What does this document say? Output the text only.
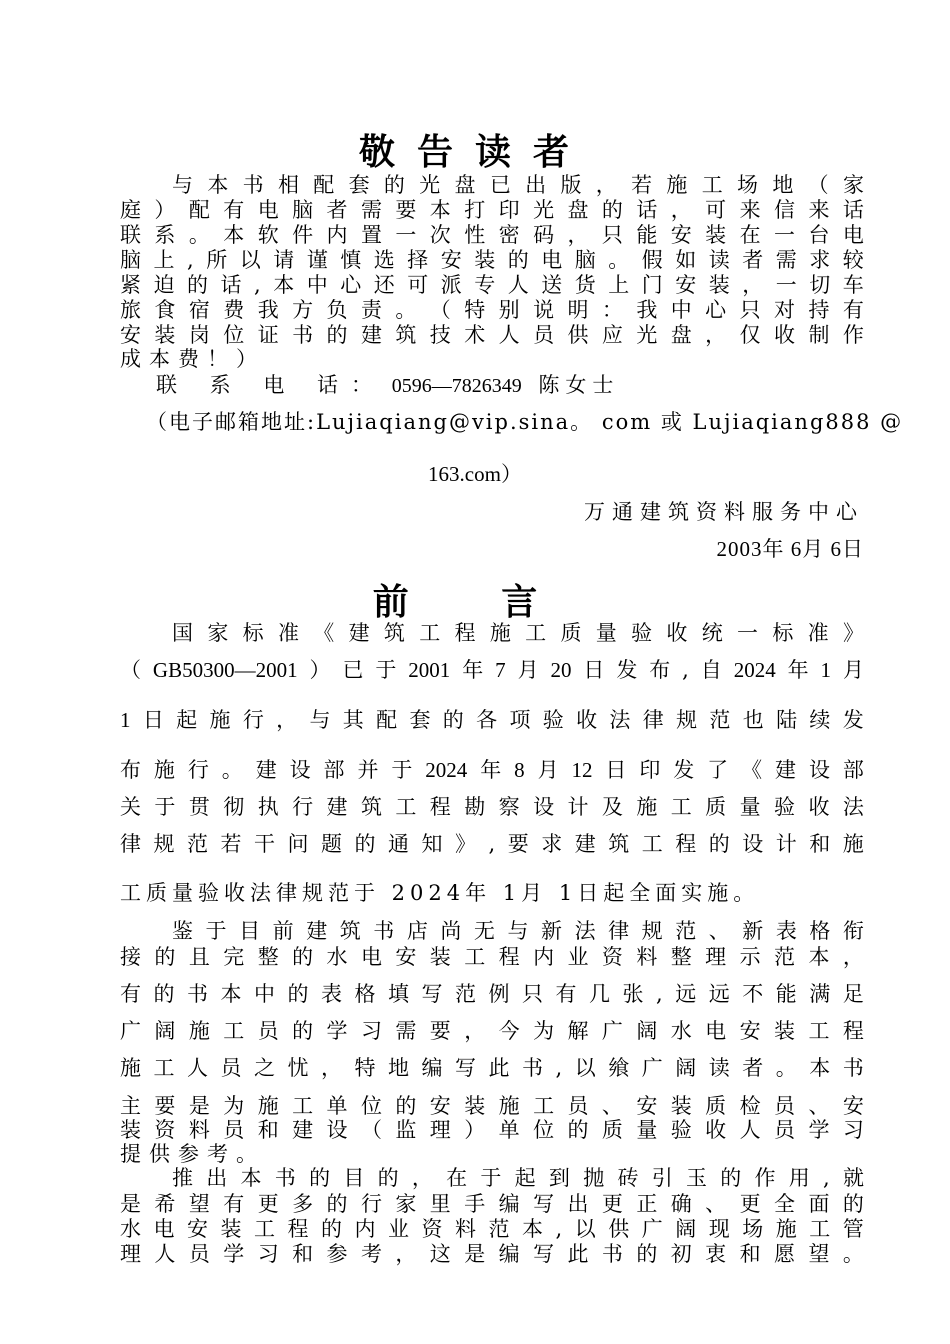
敬告读者
与 本 书 相 配 套 的 光 盘 已 出 版 ， 若 施 工 场 地 （ 家
庭 ） 配 有 电 脑 者 需 要 本 打 印 光 盘 的 话 ， 可 来 信 来 话
联 系 。 本 软 件 内 置 一 次 性 密 码 ， 只 能 安 装 在 一 台 电
脑 上 , 所 以 请 谨 慎 选 择 安 装 的 电 脑 。 假 如 读 者 需 求 较
紧 迫 的 话 , 本 中 心 还 可 派 专 人 送 货 上 门 安 装 ， 一 切 车
旅 食 宿 费 我 方 负 责 。 （ 特 别 说 明 ： 我 中 心 只 对 持 有
安 装 岗 位 证 书 的 建 筑 技 术 人 员 供 应 光 盘 ， 仅 收 制 作
成本费！）
联 系 电 话： 0596—7826349 陈女士
（电子邮箱地址:Lujiaqiang@vip.sina。 com 或 Lujiaqiang888 @
163.com）
万通建筑资料服务中心
2003年 6月 6日
前 言
国 家 标 准 《 建 筑 工 程 施 工 质 量 验 收 统 一 标 准 》
（ GB50300—2001 ） 已 于 2001 年 7 月 20 日 发 布 , 自 2024 年 1 月
1 日 起 施 行 ， 与 其 配 套 的 各 项 验 收 法 律 规 范 也 陆 续 发
布 施 行 。 建 设 部 并 于 2024 年 8 月 12 日 印 发 了 《 建 设 部
关 于 贯 彻 执 行 建 筑 工 程 勘 察 设 计 及 施 工 质 量 验 收 法
律 规 范 若 干 问 题 的 通 知 》 , 要 求 建 筑 工 程 的 设 计 和 施
工质量验收法律规范于 2024年 1月 1日起全面实施。
鉴 于 目 前 建 筑 书 店 尚 无 与 新 法 律 规 范 、 新 表 格 衔
接 的 且 完 整 的 水 电 安 装 工 程 内 业 资 料 整 理 示 范 本 ，
有 的 书 本 中 的 表 格 填 写 范 例 只 有 几 张 , 远 远 不 能 满 足
广 阔 施 工 员 的 学 习 需 要 ， 今 为 解 广 阔 水 电 安 装 工 程
施 工 人 员 之 忧 ， 特 地 编 写 此 书 , 以 飨 广 阔 读 者 。 本 书
主 要 是 为 施 工 单 位 的 安 装 施 工 员 、 安 装 质 检 员 、 安
装 资 料 员 和 建 设 （ 监 理 ） 单 位 的 质 量 验 收 人 员 学 习
提供参考。
推 出 本 书 的 目 的 ， 在 于 起 到 抛 砖 引 玉 的 作 用 , 就
是 希 望 有 更 多 的 行 家 里 手 编 写 出 更 正 确 、 更 全 面 的
水 电 安 装 工 程 的 内 业 资 料 范 本 , 以 供 广 阔 现 场 施 工 管
理 人 员 学 习 和 参 考 ， 这 是 编 写 此 书 的 初 衷 和 愿 望 。
